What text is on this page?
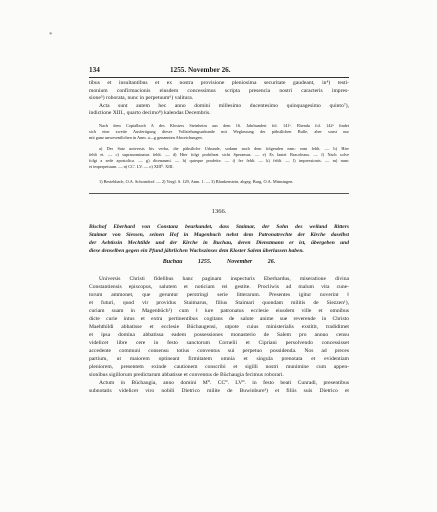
*
134	1255. November 26.
tibus et insultantibus et ex nostra provisione pleniosima securitate gaudeant, in⁴) testi-
monium confirmacionis eiusdem concessimus scripta presencia nostri caracteris impres-
sione⁵) roborata, nunc in perpetuum⁶) valitura.
Acta sunt autem hec anno domini millesimo ducentesimo quinquagesimo quinto⁷),
indictione XIII., quarto decimo⁸) kalendas Decembris.
Nach dem Copialbuch A des Klosters Steinheim aus dem 16. Jahrhundert fol. 141ᵃ. Ebenda fol. 142ᵃ findet
sich eine zweite Ausfertigung dieser Vollziehungsurkunde mit Weglassung der päbstlichen Bulle, aber sonst nur
mit ganz unwesentlichen in Anm. a—g genannten Abweichungen.
a) Der Satz universis bis verba, die päbstliche Urkunde, sodann nach dem folgenden eam: eam fehlt. — b) Hier
fehlt et. — c) supranominatus fehlt. — d) Hier folgt prohibeat sicht Speramus. — e) Es lautet Bracoleaus. — f) Nach solve
folgt a sede apostolica. — g) dicenaumi. — h) quieque prodeite. — i) fer fehlt. — k) fehlt. — l) impressionis. — m) nunc
et imperpetuum. — n) CC'. LV. — o) XIII⁰. XIII.
1) Besiehbach, O.A. Schorndorf. — 2) Vergl. S. 129, Anm. 1. — 3) Blankenstein, abgeg. Burg, O.A. Münsingen.
1366.
Bischof Eberhard von Constanz beurkundet, dass Staimar, der Sohn des weiland Ritters
Staimar von Siessen, seinen Hof in Magenbuch nebst dem Patronatrechte der Kirche daselbst
der Aebtissin Mechtilde und der Kirche in Buchau, deren Dienstmann er ist, übergeben und
diese denselben gegen ein Pfund jährlichen Wachszinses dem Kloster Salem überlassen haben.
Buchau 1255. November 26.
Universis Christi fidelibus hanc paginam inspecturis Eberhardus, miseratione divina
Constantiensis episcopus, salutem et noticiam rei gestite. Procliwis ad malum vita cune-
torum ammonet, que geruntur perstringi serie litterarum. Presentes igitur noverint ‖
et futuri, quod vir providus Staimarus, filius Staimari quondam militis de Siezzen¹),
curiam suam in Magenbüch²) cum ‖ iure patronatus ecclesie eiusdem ville et omnibus
dicte curie intus et extra pertinentibus cogitans de salute anime sue reverende in Christo
Maehthildi abbatisse et ecclesie Büchaugensi, utpote cuius ministerialis exstitit, tradidimet
et ipsa domina abbatissa eadem possessiones monasterio de Salem pro annuo censu
videlicet libre cere in festo sanctorum Cornelii et Cipriani persolvendo concessisset
accedente communi consensu totius conventus sui perpetuo possidenda. Nos ad preces
partium, ut maiorem optineant firmitatem omnia et singula prenotata et evidentiam
pleniorem, presentem exinde cautionem conscribi et sigilli nostri munimine cum appen-
sionibus sigillorum predictarum abbatisse et conventus de Büchaugia fecimus roborari.
Actum in Büchaugia, anno domini M⁰. CC⁰. LV⁰. in festo beati Cunradi, presentibus
subnotatis videlicet viro nobili Dietrico milite de Buwinbure³) et filiis suis Dietrico et
